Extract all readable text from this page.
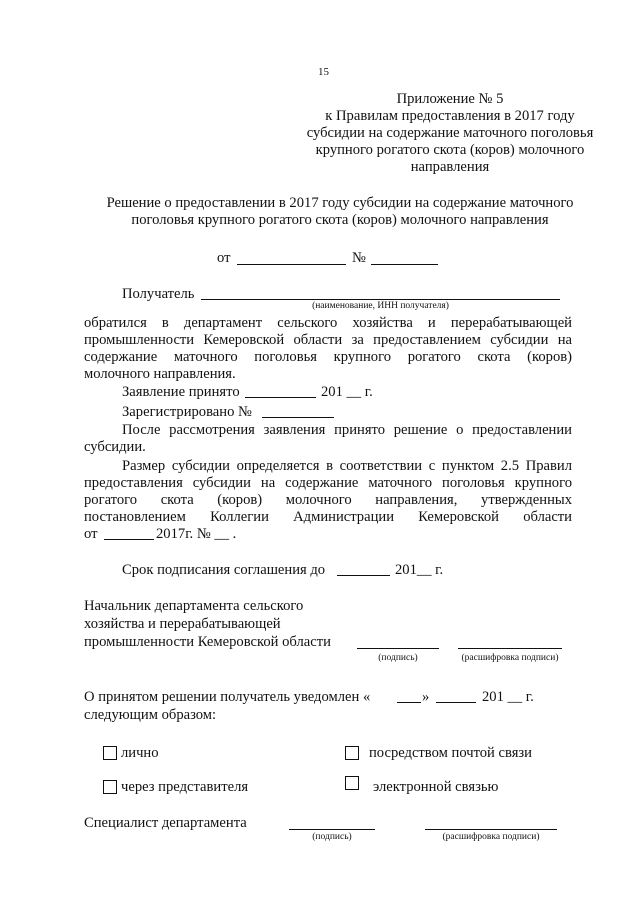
15
Приложение № 5
к Правилам предоставления в 2017 году
субсидии на содержание маточного поголовья
крупного рогатого скота (коров) молочного
направления
Решение о предоставлении в 2017 году субсидии на содержание маточного
поголовья крупного рогатого скота (коров) молочного направления
от	№
Получатель
(наименование, ИНН получателя)
обратился в департамент сельского хозяйства и перерабатывающей
промышленности Кемеровской области за предоставлением субсидии на
содержание маточного поголовья крупного рогатого скота (коров)
молочного направления.
Заявление принято	201 __ г.
Зарегистрировано №
После рассмотрения заявления принято решение о предоставлении
субсидии.
Размер субсидии определяется в соответствии с пунктом 2.5 Правил
предоставления субсидии на содержание маточного поголовья крупного
рогатого скота (коров) молочного направления, утвержденных
постановлением Коллегии Администрации Кемеровской области
от	2017г. № __ .
Срок подписания соглашения до	201__ г.
Начальник департамента сельского
хозяйства и перерабатывающей
промышленности Кемеровской области
(подпись)	(расшифровка подписи)
О принятом решении получатель уведомлен «	»	201 __ г.
следующим образом:
лично	посредством почтой связи
через представителя	электронной связью
Специалист департамента
(подпись)	(расшифровка подписи)
